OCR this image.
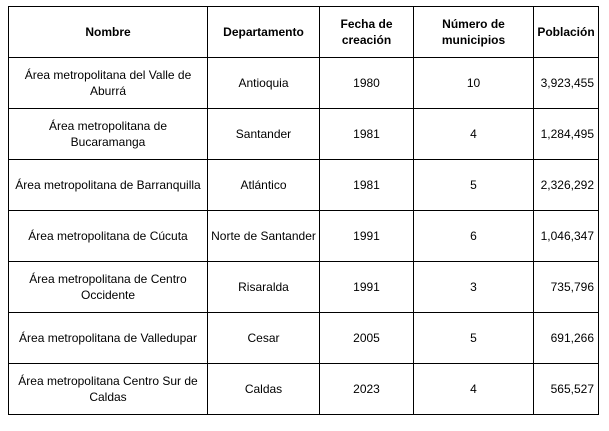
Nombre	Departamento	Fecha de creación	Número de municipios	Población
Área metropolitana del Valle de Aburrá	Antioquia	1980	10	3,923,455
Área metropolitana de Bucaramanga	Santander	1981	4	1,284,495
Área metropolitana de Barranquilla	Atlántico	1981	5	2,326,292
Área metropolitana de Cúcuta	Norte de Santander	1991	6	1,046,347
Área metropolitana de Centro Occidente	Risaralda	1991	3	735,796
Área metropolitana de Valledupar	Cesar	2005	5	691,266
Área metropolitana Centro Sur de Caldas	Caldas	2023	4	565,527
